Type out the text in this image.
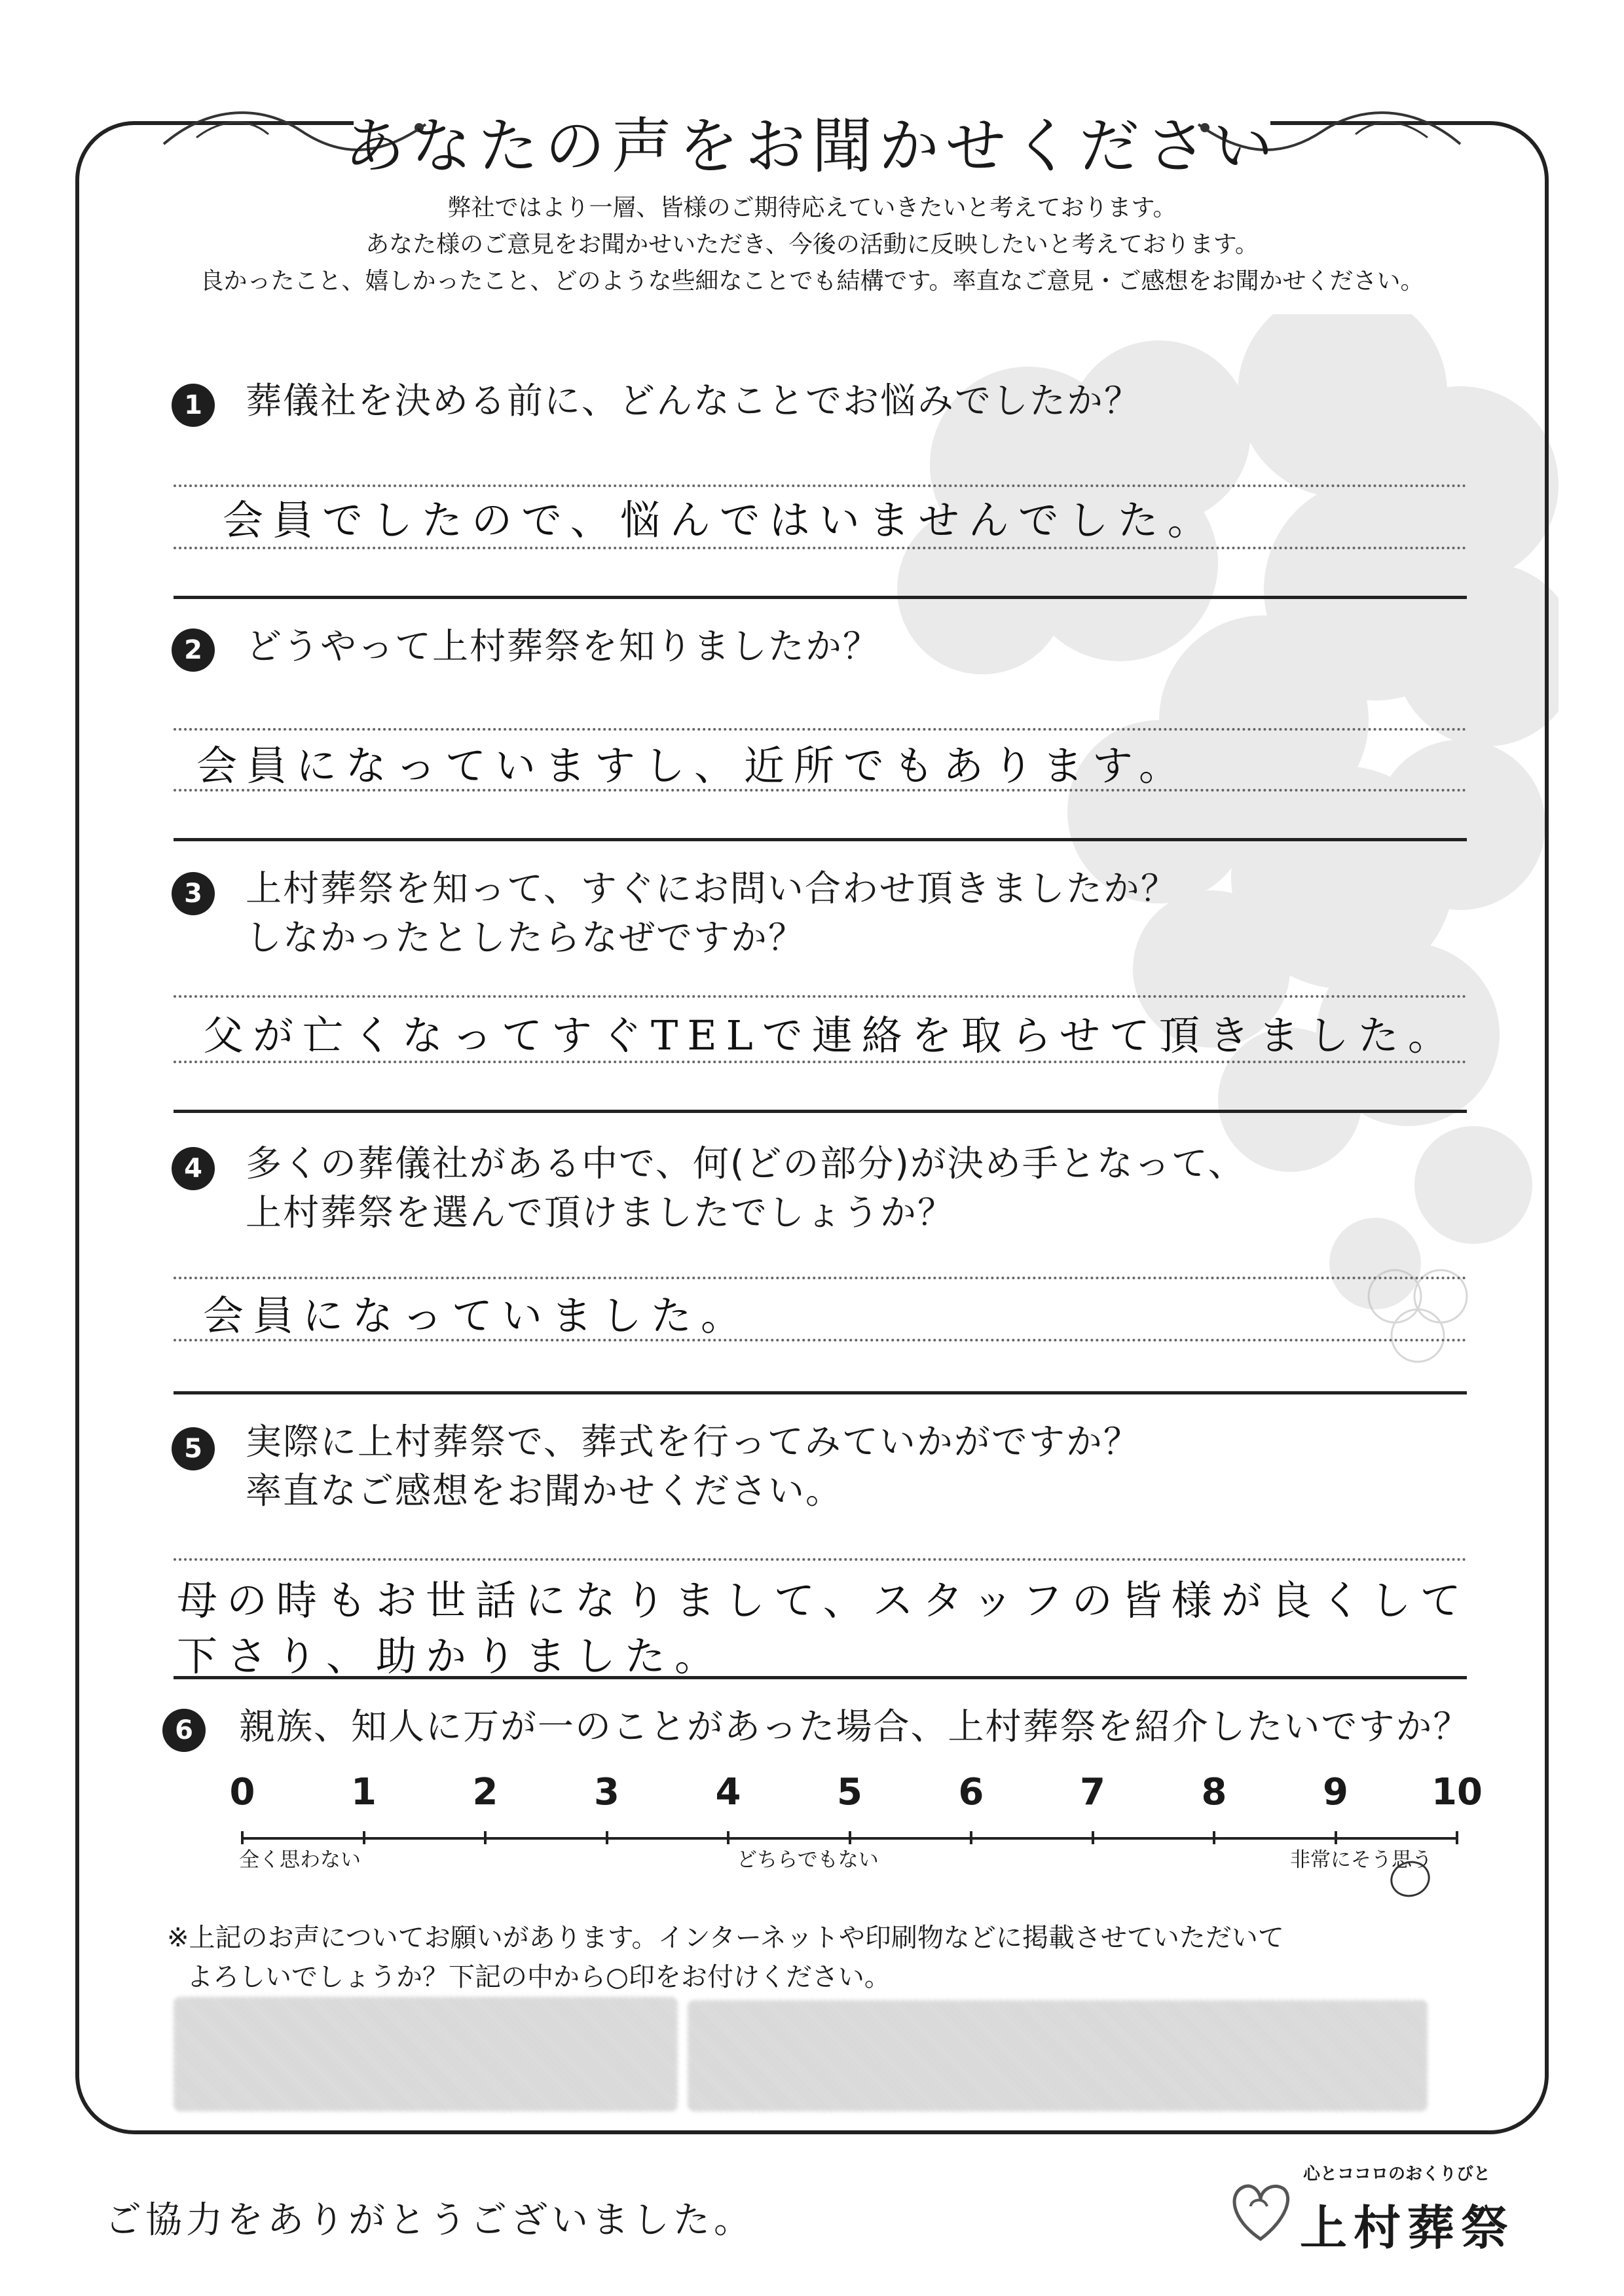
あなたの声をお聞かせください
弊社ではより一層、皆様のご期待応えていきたいと考えております。
あなた様のご意見をお聞かせいただき、今後の活動に反映したいと考えております。
良かったこと、嬉しかったこと、どのような些細なことでも結構です。率直なご意見・ご感想をお聞かせください。
1	葬儀社を決める前に、どんなことでお悩みでしたか？
会員でしたので、悩んではいませんでした。
2	どうやって上村葬祭を知りましたか？
会員になっていますし、近所でもあります。
3	上村葬祭を知って、すぐにお問い合わせ頂きましたか？
しなかったとしたらなぜですか？
父が亡くなってすぐTELで連絡を取らせて頂きました。
4	多くの葬儀社がある中で、何(どの部分)が決め手となって、
上村葬祭を選んで頂けましたでしょうか？
会員になっていました。
5	実際に上村葬祭で、葬式を行ってみていかがですか？
率直なご感想をお聞かせください。
母の時もお世話になりまして、スタッフの皆様が良くして
下さり、助かりました。
6	親族、知人に万が一のことがあった場合、上村葬祭を紹介したいですか？
0	1	2	3	4	5	6	7	8	9	10
全く思わない	どちらでもない	非常にそう思う
※上記のお声についてお願いがあります。インターネットや印刷物などに掲載させていただいて
よろしいでしょうか？下記の中から○印をお付けください。
ご協力をありがとうございました。
心とココロのおくりびと
上村葬祭
